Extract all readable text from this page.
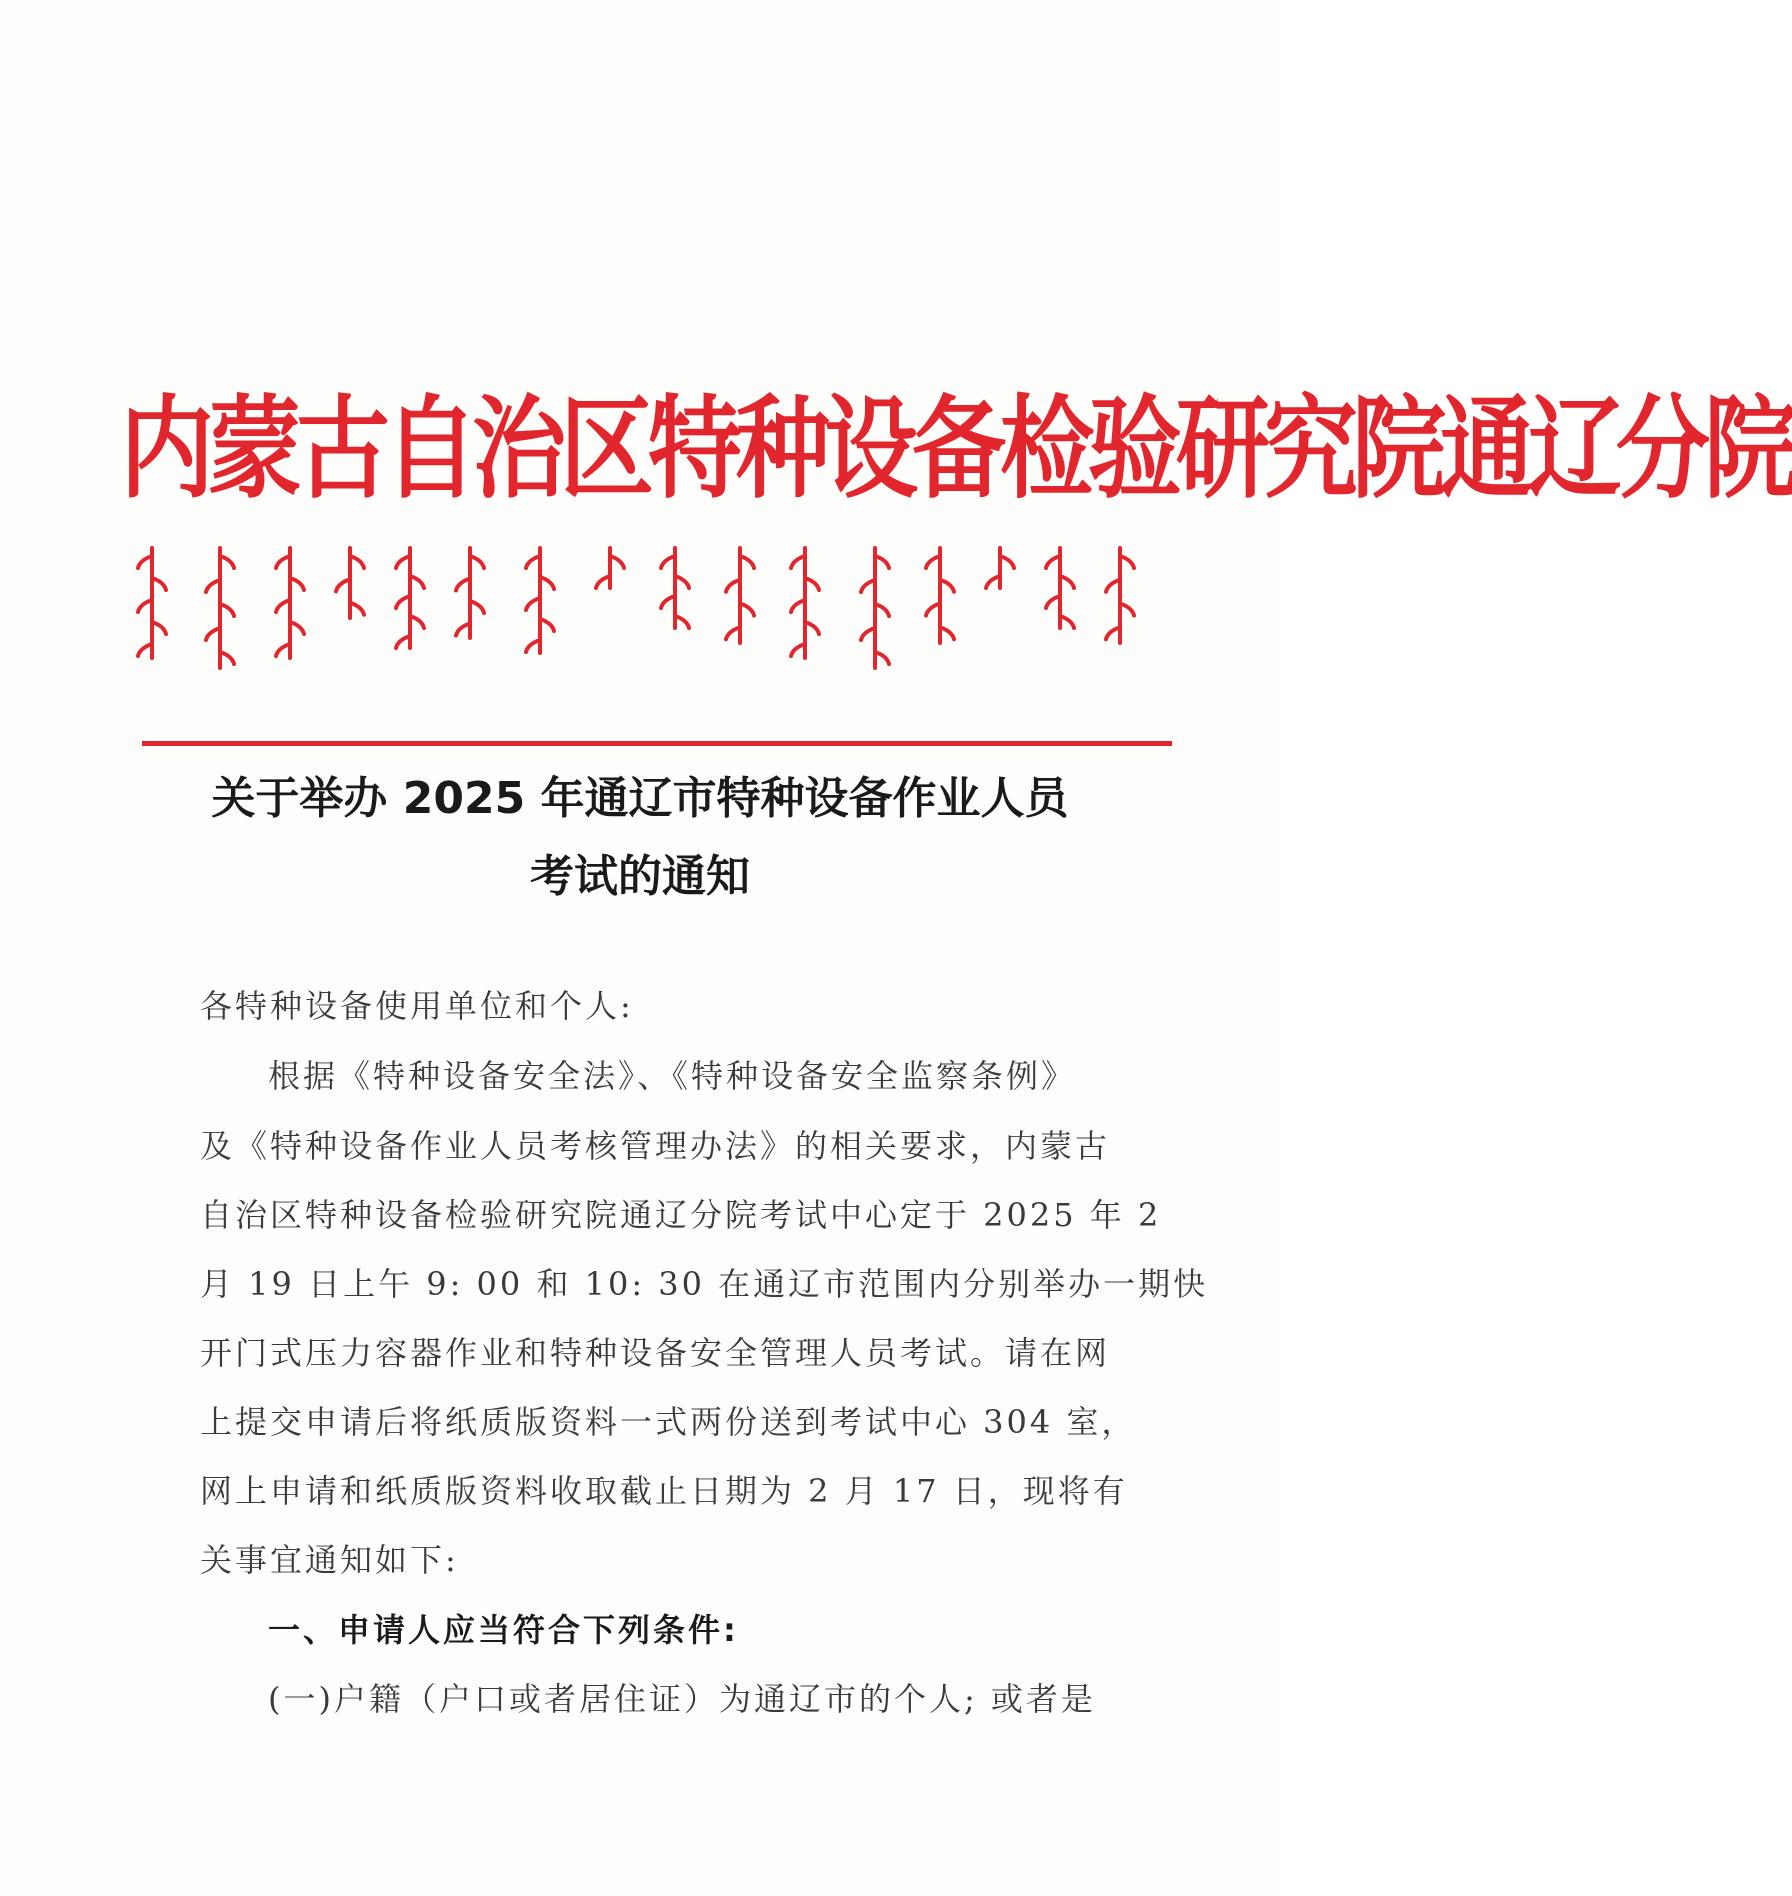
内蒙古自治区特种设备检验研究院通辽分院
关于举办 2025 年通辽市特种设备作业人员
考试的通知
各特种设备使用单位和个人:
根据《特种设备安全法》、《特种设备安全监察条例》
及《特种设备作业人员考核管理办法》的相关要求，内蒙古
自治区特种设备检验研究院通辽分院考试中心定于 2025 年 2
月 19 日上午 9: 00 和 10: 30 在通辽市范围内分别举办一期快
开门式压力容器作业和特种设备安全管理人员考试。请在网
上提交申请后将纸质版资料一式两份送到考试中心 304 室，
网上申请和纸质版资料收取截止日期为 2 月 17 日，现将有
关事宜通知如下:
一、申请人应当符合下列条件:
(一)户籍（户口或者居住证）为通辽市的个人; 或者是
